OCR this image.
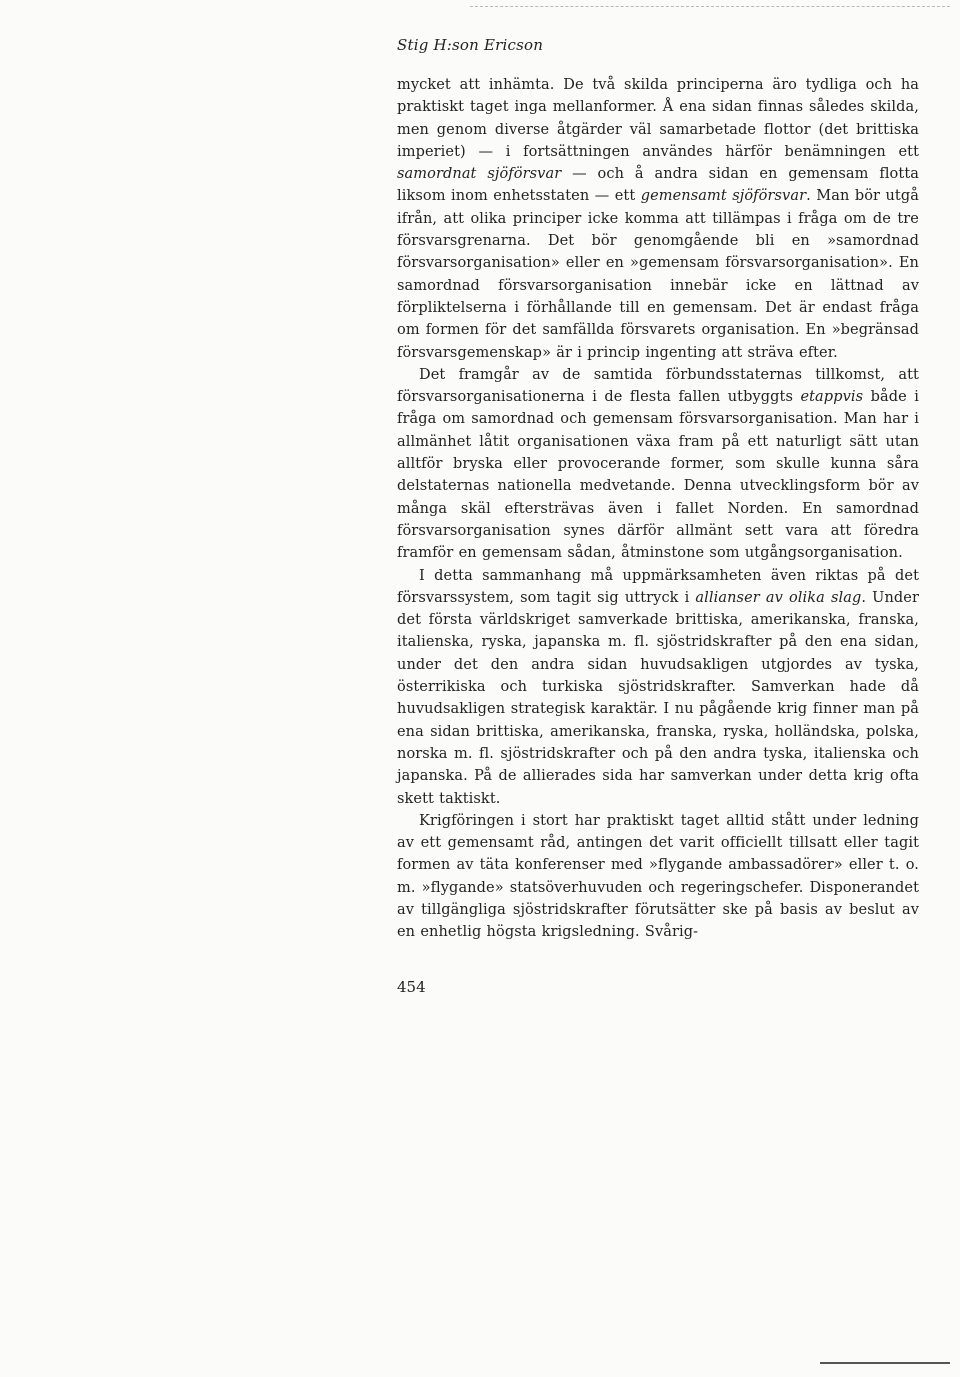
Stig H:son Ericson

mycket att inhämta. De två skilda principerna äro tydliga och ha praktiskt taget inga mellanformer. Å ena sidan finnas således skilda, men genom diverse åtgärder väl samarbetade flottor (det brittiska imperiet) — i fortsättningen användes härför benämningen ett samordnat sjöförsvar — och å andra sidan en gemensam flotta liksom inom enhetsstaten — ett gemensamt sjöförsvar. Man bör utgå ifrån, att olika principer icke komma att tillämpas i fråga om de tre försvarsgrenarna. Det bör genomgående bli en »samordnad försvarsorganisation» eller en »gemensam försvarsorganisation». En samordnad försvarsorganisation innebär icke en lättnad av förpliktelserna i förhållande till en gemensam. Det är endast fråga om formen för det samfällda försvarets organisation. En »begränsad försvarsgemenskap» är i princip ingenting att sträva efter.

Det framgår av de samtida förbundsstaternas tillkomst, att försvarsorganisationerna i de flesta fallen utbyggts etappvis både i fråga om samordnad och gemensam försvarsorganisation. Man har i allmänhet låtit organisationen växa fram på ett naturligt sätt utan alltför bryska eller provocerande former, som skulle kunna såra delstaternas nationella medvetande. Denna utvecklingsform bör av många skäl eftersträvas även i fallet Norden. En samordnad försvarsorganisation synes därför allmänt sett vara att föredra framför en gemensam sådan, åtminstone som utgångsorganisation.

I detta sammanhang må uppmärksamheten även riktas på det försvarssystem, som tagit sig uttryck i allianser av olika slag. Under det första världskriget samverkade brittiska, amerikanska, franska, italienska, ryska, japanska m. fl. sjöstridskrafter på den ena sidan, under det den andra sidan huvudsakligen utgjordes av tyska, österrikiska och turkiska sjöstridskrafter. Samverkan hade då huvudsakligen strategisk karaktär. I nu pågående krig finner man på ena sidan brittiska, amerikanska, franska, ryska, holländska, polska, norska m. fl. sjöstridskrafter och på den andra tyska, italienska och japanska. På de allierades sida har samverkan under detta krig ofta skett taktiskt.

Krigföringen i stort har praktiskt taget alltid stått under ledning av ett gemensamt råd, antingen det varit officiellt tillsatt eller tagit formen av täta konferenser med »flygande ambassadörer» eller t. o. m. »flygande» statsöverhuvuden och regeringschefer. Disponerandet av tillgängliga sjöstridskrafter förutsätter ske på basis av beslut av en enhetlig högsta krigsledning. Svårig-

454
